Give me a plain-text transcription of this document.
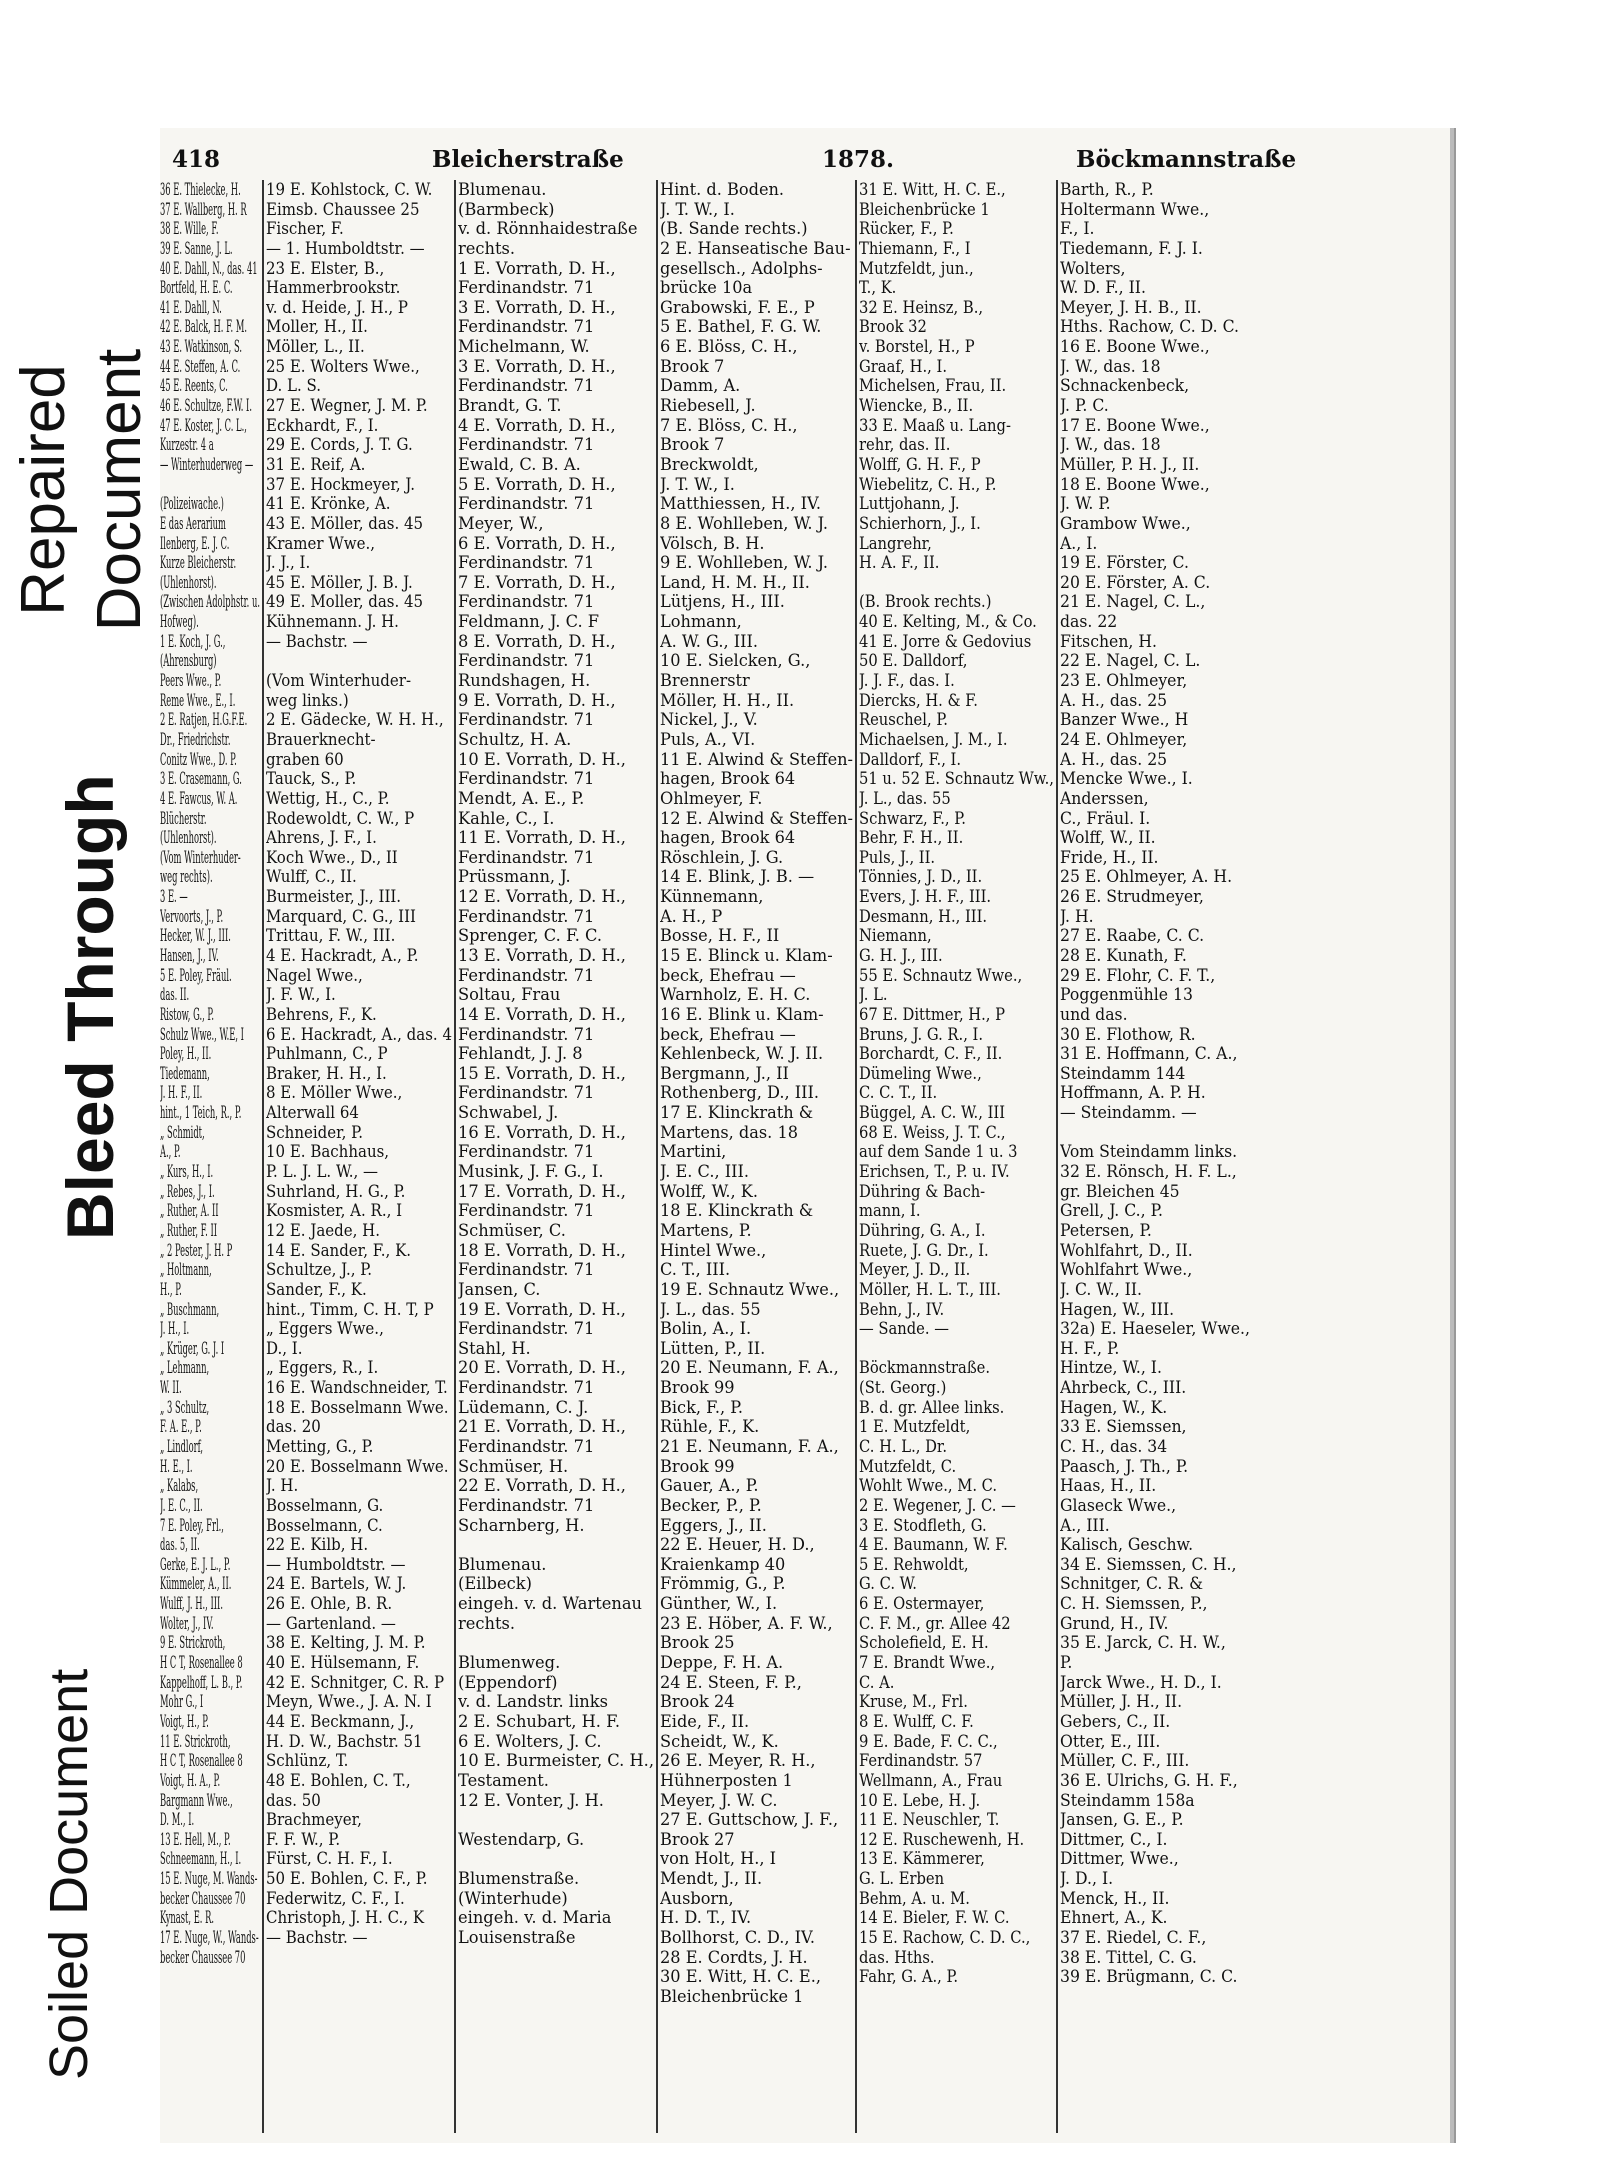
Soiled Document
Bleed Through
Repaired Document
418	Bleicherstraße	1878.	Böckmannstraße
36 E. Thielecke, H.
37 E. Wallberg, H. R
38 E. Wille, F.
39 E. Sanne, J. L.
40 E. Dahll, N., das. 41
Bortfeld, H. E. C.
41 E. Dahll, N.
42 E. Balck, H. F. M.
43 E. Watkinson, S.
44 E. Steffen, A. C.
45 E. Reents, C.
46 E. Schultze, F.W. I.
47 E. Koster, J. C. L.,
Kurzestr. 4 a
— Winterhuderweg —
(Polizeiwache.)
E das Aerarium
Ilenberg, E. J. C.
Kurze Bleicherstr.
(Uhlenhorst).
(Zwischen Adolphstr. u.
Hofweg).
1 E. Koch, J. G.,
(Ahrensburg)
Peers Wwe., P.
Reme Wwe., E., I.
2 E. Ratjen, H.G.F.E.
Dr., Friedrichstr.
Conitz Wwe., D. P.
3 E. Crasemann, G.
4 E. Fawcus, W. A.
Blücherstr.
(Uhlenhorst).
(Vom Winterhuder-
weg rechts).
3 E. —
Vervoorts, J., P.
Hecker, W. J., III.
Hansen, J., IV.
5 E. Poley, Fräul.
das. II.
Ristow, G., P.
Schulz Wwe., W.E, I
Poley, H., II.
Tiedemann,
J. H. F., II.
hint., 1 Teich, R., P.
„ Schmidt,
A., P.
„ Kurs, H., I.
„ Rebes, J., I.
„ Ruther, A. II
„ Ruther, F. II
„ 2 Pester, J. H. P
„ Holtmann,
H., P.
„ Buschmann,
J. H., I.
„ Krüger, G. J. I
„ Lehmann,
W. II.
„ 3 Schultz,
F. A. E., P.
„ Lindlorf,
H. E., I.
„ Kalabs,
J. E. C., II.
7 E. Poley, Frl.,
das. 5, II.
Gerke, E. J. L., P.
Kümmeler, A., II.
Wulff, J. H., III.
Wolter, J., IV.
9 E. Strickroth,
H C T, Rosenallee 8
Kappelhoff, L. B., P.
Mohr G., I
Voigt, H., P.
11 E. Strickroth,
H C T, Rosenallee 8
Voigt, H. A., P.
Bargmann Wwe.,
D. M., I.
13 E. Hell, M., P.
Schneemann, H., I.
15 E. Nuge, M. Wands-
becker Chaussee 70
Kynast, E. R.
17 E. Nuge, W., Wands-
becker Chaussee 70
19 E. Kohlstock, C. W.
Eimsb. Chaussee 25
Fischer, F.
— 1. Humboldtstr. —
23 E. Elster, B.,
Hammerbrookstr.
v. d. Heide, J. H., P
Moller, H., II.
Möller, L., II.
25 E. Wolters Wwe.,
D. L. S.
27 E. Wegner, J. M. P.
Eckhardt, F., I.
29 E. Cords, J. T. G.
31 E. Reif, A.
37 E. Hockmeyer, J.
41 E. Krönke, A.
43 E. Möller, das. 45
Kramer Wwe.,
J. J., I.
45 E. Möller, J. B. J.
49 E. Moller, das. 45
Kühnemann. J. H.
— Bachstr. —
(Vom Winterhuder-
weg links.)
2 E. Gädecke, W. H. H.,
Brauerknecht-
graben 60
Tauck, S., P.
Wettig, H., C., P.
Rodewoldt, C. W., P
Ahrens, J. F., I.
Koch Wwe., D., II
Wulff, C., II.
Burmeister, J., III.
Marquard, C. G., III
Trittau, F. W., III.
4 E. Hackradt, A., P.
Nagel Wwe.,
J. F. W., I.
Behrens, F., K.
6 E. Hackradt, A., das. 4
Puhlmann, C., P
Braker, H. H., I.
8 E. Möller Wwe.,
Alterwall 64
Schneider, P.
10 E. Bachhaus,
P. L. J. L. W., —
Suhrland, H. G., P.
Kosmister, A. R., I
12 E. Jaede, H.
14 E. Sander, F., K.
Schultze, J., P.
Sander, F., K.
hint., Timm, C. H. T, P
„ Eggers Wwe.,
D., I.
„ Eggers, R., I.
16 E. Wandschneider, T.
18 E. Bosselmann Wwe.
das. 20
Metting, G., P.
20 E. Bosselmann Wwe.
J. H.
Bosselmann, G.
Bosselmann, C.
22 E. Kilb, H.
— Humboldtstr. —
24 E. Bartels, W. J.
26 E. Ohle, B. R.
— Gartenland. —
38 E. Kelting, J. M. P.
40 E. Hülsemann, F.
42 E. Schnitger, C. R. P
Meyn, Wwe., J. A. N. I
44 E. Beckmann, J.,
H. D. W., Bachstr. 51
Schlünz, T.
48 E. Bohlen, C. T.,
das. 50
Brachmeyer,
F. F. W., P.
Fürst, C. H. F., I.
50 E. Bohlen, C. F., P.
Federwitz, C. F., I.
Christoph, J. H. C., K
— Bachstr. —
Blumenau.
(Barmbeck)
v. d. Rönnhaidestraße
rechts.
1 E. Vorrath, D. H.,
Ferdinandstr. 71
3 E. Vorrath, D. H.,
Ferdinandstr. 71
Michelmann, W.
3 E. Vorrath, D. H.,
Ferdinandstr. 71
Brandt, G. T.
4 E. Vorrath, D. H.,
Ferdinandstr. 71
Ewald, C. B. A.
5 E. Vorrath, D. H.,
Ferdinandstr. 71
Meyer, W.,
6 E. Vorrath, D. H.,
Ferdinandstr. 71
7 E. Vorrath, D. H.,
Ferdinandstr. 71
Feldmann, J. C. F
8 E. Vorrath, D. H.,
Ferdinandstr. 71
Rundshagen, H.
9 E. Vorrath, D. H.,
Ferdinandstr. 71
Schultz, H. A.
10 E. Vorrath, D. H.,
Ferdinandstr. 71
Mendt, A. E., P.
Kahle, C., I.
11 E. Vorrath, D. H.,
Ferdinandstr. 71
Prüssmann, J.
12 E. Vorrath, D. H.,
Ferdinandstr. 71
Sprenger, C. F. C.
13 E. Vorrath, D. H.,
Ferdinandstr. 71
Soltau, Frau
14 E. Vorrath, D. H.,
Ferdinandstr. 71
Fehlandt, J. J. 8
15 E. Vorrath, D. H.,
Ferdinandstr. 71
Schwabel, J.
16 E. Vorrath, D. H.,
Ferdinandstr. 71
Musink, J. F. G., I.
17 E. Vorrath, D. H.,
Ferdinandstr. 71
Schmüser, C.
18 E. Vorrath, D. H.,
Ferdinandstr. 71
Jansen, C.
19 E. Vorrath, D. H.,
Ferdinandstr. 71
Stahl, H.
20 E. Vorrath, D. H.,
Ferdinandstr. 71
Lüdemann, C. J.
21 E. Vorrath, D. H.,
Ferdinandstr. 71
Schmüser, H.
22 E. Vorrath, D. H.,
Ferdinandstr. 71
Scharnberg, H.
Blumenau.
(Eilbeck)
eingeh. v. d. Wartenau
rechts.
Blumenweg.
(Eppendorf)
v. d. Landstr. links
2 E. Schubart, H. F.
6 E. Wolters, J. C.
10 E. Burmeister, C. H.,
Testament.
12 E. Vonter, J. H.
Westendarp, G.
Blumenstraße.
(Winterhude)
eingeh. v. d. Maria
Louisenstraße
Hint. d. Boden.
J. T. W., I.
(B. Sande rechts.)
2 E. Hanseatische Bau-
gesellsch., Adolphs-
brücke 10a
Grabowski, F. E., P
5 E. Bathel, F. G. W.
6 E. Blöss, C. H.,
Brook 7
Damm, A.
Riebesell, J.
7 E. Blöss, C. H.,
Brook 7
Breckwoldt,
J. T. W., I.
Matthiessen, H., IV.
8 E. Wohlleben, W. J.
Völsch, B. H.
9 E. Wohlleben, W. J.
Land, H. M. H., II.
Lütjens, H., III.
Lohmann,
A. W. G., III.
10 E. Sielcken, G.,
Brennerstr
Möller, H. H., II.
Nickel, J., V.
Puls, A., VI.
11 E. Alwind & Steffen-
hagen, Brook 64
Ohlmeyer, F.
12 E. Alwind & Steffen-
hagen, Brook 64
Röschlein, J. G.
14 E. Blink, J. B. —
Künnemann,
A. H., P
Bosse, H. F., II
15 E. Blinck u. Klam-
beck, Ehefrau —
Warnholz, E. H. C.
16 E. Blink u. Klam-
beck, Ehefrau —
Kehlenbeck, W. J. II.
Bergmann, J., II
Rothenberg, D., III.
17 E. Klinckrath &
Martens, das. 18
Martini,
J. E. C., III.
Wolff, W., K.
18 E. Klinckrath &
Martens, P.
Hintel Wwe.,
C. T., III.
19 E. Schnautz Wwe.,
J. L., das. 55
Bolin, A., I.
Lütten, P., II.
20 E. Neumann, F. A.,
Brook 99
Bick, F., P.
Rühle, F., K.
21 E. Neumann, F. A.,
Brook 99
Gauer, A., P.
Becker, P., P.
Eggers, J., II.
22 E. Heuer, H. D.,
Kraienkamp 40
Frömmig, G., P.
Günther, W., I.
23 E. Höber, A. F. W.,
Brook 25
Deppe, F. H. A.
24 E. Steen, F. P.,
Brook 24
Eide, F., II.
Scheidt, W., K.
26 E. Meyer, R. H.,
Hühnerposten 1
Meyer, J. W. C.
27 E. Guttschow, J. F.,
Brook 27
von Holt, H., I
Mendt, J., II.
Ausborn,
H. D. T., IV.
Bollhorst, C. D., IV.
28 E. Cordts, J. H.
30 E. Witt, H. C. E.,
Bleichenbrücke 1
31 E. Witt, H. C. E.,
Bleichenbrücke 1
Rücker, F., P.
Thiemann, F., I
Mutzfeldt, jun.,
T., K.
32 E. Heinsz, B.,
Brook 32
v. Borstel, H., P
Graaf, H., I.
Michelsen, Frau, II.
Wiencke, B., II.
33 E. Maaß u. Lang-
rehr, das. II.
Wolff, G. H. F., P
Wiebelitz, C. H., P.
Luttjohann, J.
Schierhorn, J., I.
Langrehr,
H. A. F., II.
(B. Brook rechts.)
40 E. Kelting, M., & Co.
41 E. Jorre & Gedovius
50 E. Dalldorf,
J. J. F., das. I.
Diercks, H. & F.
Reuschel, P.
Michaelsen, J. M., I.
Dalldorf, F., I.
51 u. 52 E. Schnautz Ww.,
J. L., das. 55
Schwarz, F., P.
Behr, F. H., II.
Puls, J., II.
Tönnies, J. D., II.
Evers, J. H. F., III.
Desmann, H., III.
Niemann,
G. H. J., III.
55 E. Schnautz Wwe.,
J. L.
67 E. Dittmer, H., P
Bruns, J. G. R., I.
Borchardt, C. F., II.
Dümeling Wwe.,
C. C. T., II.
Büggel, A. C. W., III
68 E. Weiss, J. T. C.,
auf dem Sande 1 u. 3
Erichsen, T., P. u. IV.
Dühring & Bach-
mann, I.
Dühring, G. A., I.
Ruete, J. G. Dr., I.
Meyer, J. D., II.
Möller, H. L. T., III.
Behn, J., IV.
— Sande. —
Böckmannstraße.
(St. Georg.)
B. d. gr. Allee links.
1 E. Mutzfeldt,
C. H. L., Dr.
Mutzfeldt, C.
Wohlt Wwe., M. C.
2 E. Wegener, J. C. —
3 E. Stodfleth, G.
4 E. Baumann, W. F.
5 E. Rehwoldt,
G. C. W.
6 E. Ostermayer,
C. F. M., gr. Allee 42
Scholefield, E. H.
7 E. Brandt Wwe.,
C. A.
Kruse, M., Frl.
8 E. Wulff, C. F.
9 E. Bade, F. C. C.,
Ferdinandstr. 57
Wellmann, A., Frau
10 E. Lebe, H. J.
11 E. Neuschler, T.
12 E. Ruschewenh, H.
13 E. Kämmerer,
G. L. Erben
Behm, A. u. M.
14 E. Bieler, F. W. C.
15 E. Rachow, C. D. C.,
das. Hths.
Fahr, G. A., P.
Barth, R., P.
Holtermann Wwe.,
F., I.
Tiedemann, F. J. I.
Wolters,
W. D. F., II.
Meyer, J. H. B., II.
Hths. Rachow, C. D. C.
16 E. Boone Wwe.,
J. W., das. 18
Schnackenbeck,
J. P. C.
17 E. Boone Wwe.,
J. W., das. 18
Müller, P. H. J., II.
18 E. Boone Wwe.,
J. W. P.
Grambow Wwe.,
A., I.
19 E. Förster, C.
20 E. Förster, A. C.
21 E. Nagel, C. L.,
das. 22
Fitschen, H.
22 E. Nagel, C. L.
23 E. Ohlmeyer,
A. H., das. 25
Banzer Wwe., H
24 E. Ohlmeyer,
A. H., das. 25
Mencke Wwe., I.
Anderssen,
C., Fräul. I.
Wolff, W., II.
Fride, H., II.
25 E. Ohlmeyer, A. H.
26 E. Strudmeyer,
J. H.
27 E. Raabe, C. C.
28 E. Kunath, F.
29 E. Flohr, C. F. T.,
Poggenmühle 13
und das.
30 E. Flothow, R.
31 E. Hoffmann, C. A.,
Steindamm 144
Hoffmann, A. P. H.
— Steindamm. —
Vom Steindamm links.
32 E. Rönsch, H. F. L.,
gr. Bleichen 45
Grell, J. C., P.
Petersen, P.
Wohlfahrt, D., II.
Wohlfahrt Wwe.,
J. C. W., II.
Hagen, W., III.
32a) E. Haeseler, Wwe.,
H. F., P.
Hintze, W., I.
Ahrbeck, C., III.
Hagen, W., K.
33 E. Siemssen,
C. H., das. 34
Paasch, J. Th., P.
Haas, H., II.
Glaseck Wwe.,
A., III.
Kalisch, Geschw.
34 E. Siemssen, C. H.,
Schnitger, C. R. &
C. H. Siemssen, P.,
Grund, H., IV.
35 E. Jarck, C. H. W.,
P.
Jarck Wwe., H. D., I.
Müller, J. H., II.
Gebers, C., II.
Otter, E., III.
Müller, C. F., III.
36 E. Ulrichs, G. H. F.,
Steindamm 158a
Jansen, G. E., P.
Dittmer, C., I.
Dittmer, Wwe.,
J. D., I.
Menck, H., II.
Ehnert, A., K.
37 E. Riedel, C. F.,
38 E. Tittel, C. G.
39 E. Brügmann, C. C.
